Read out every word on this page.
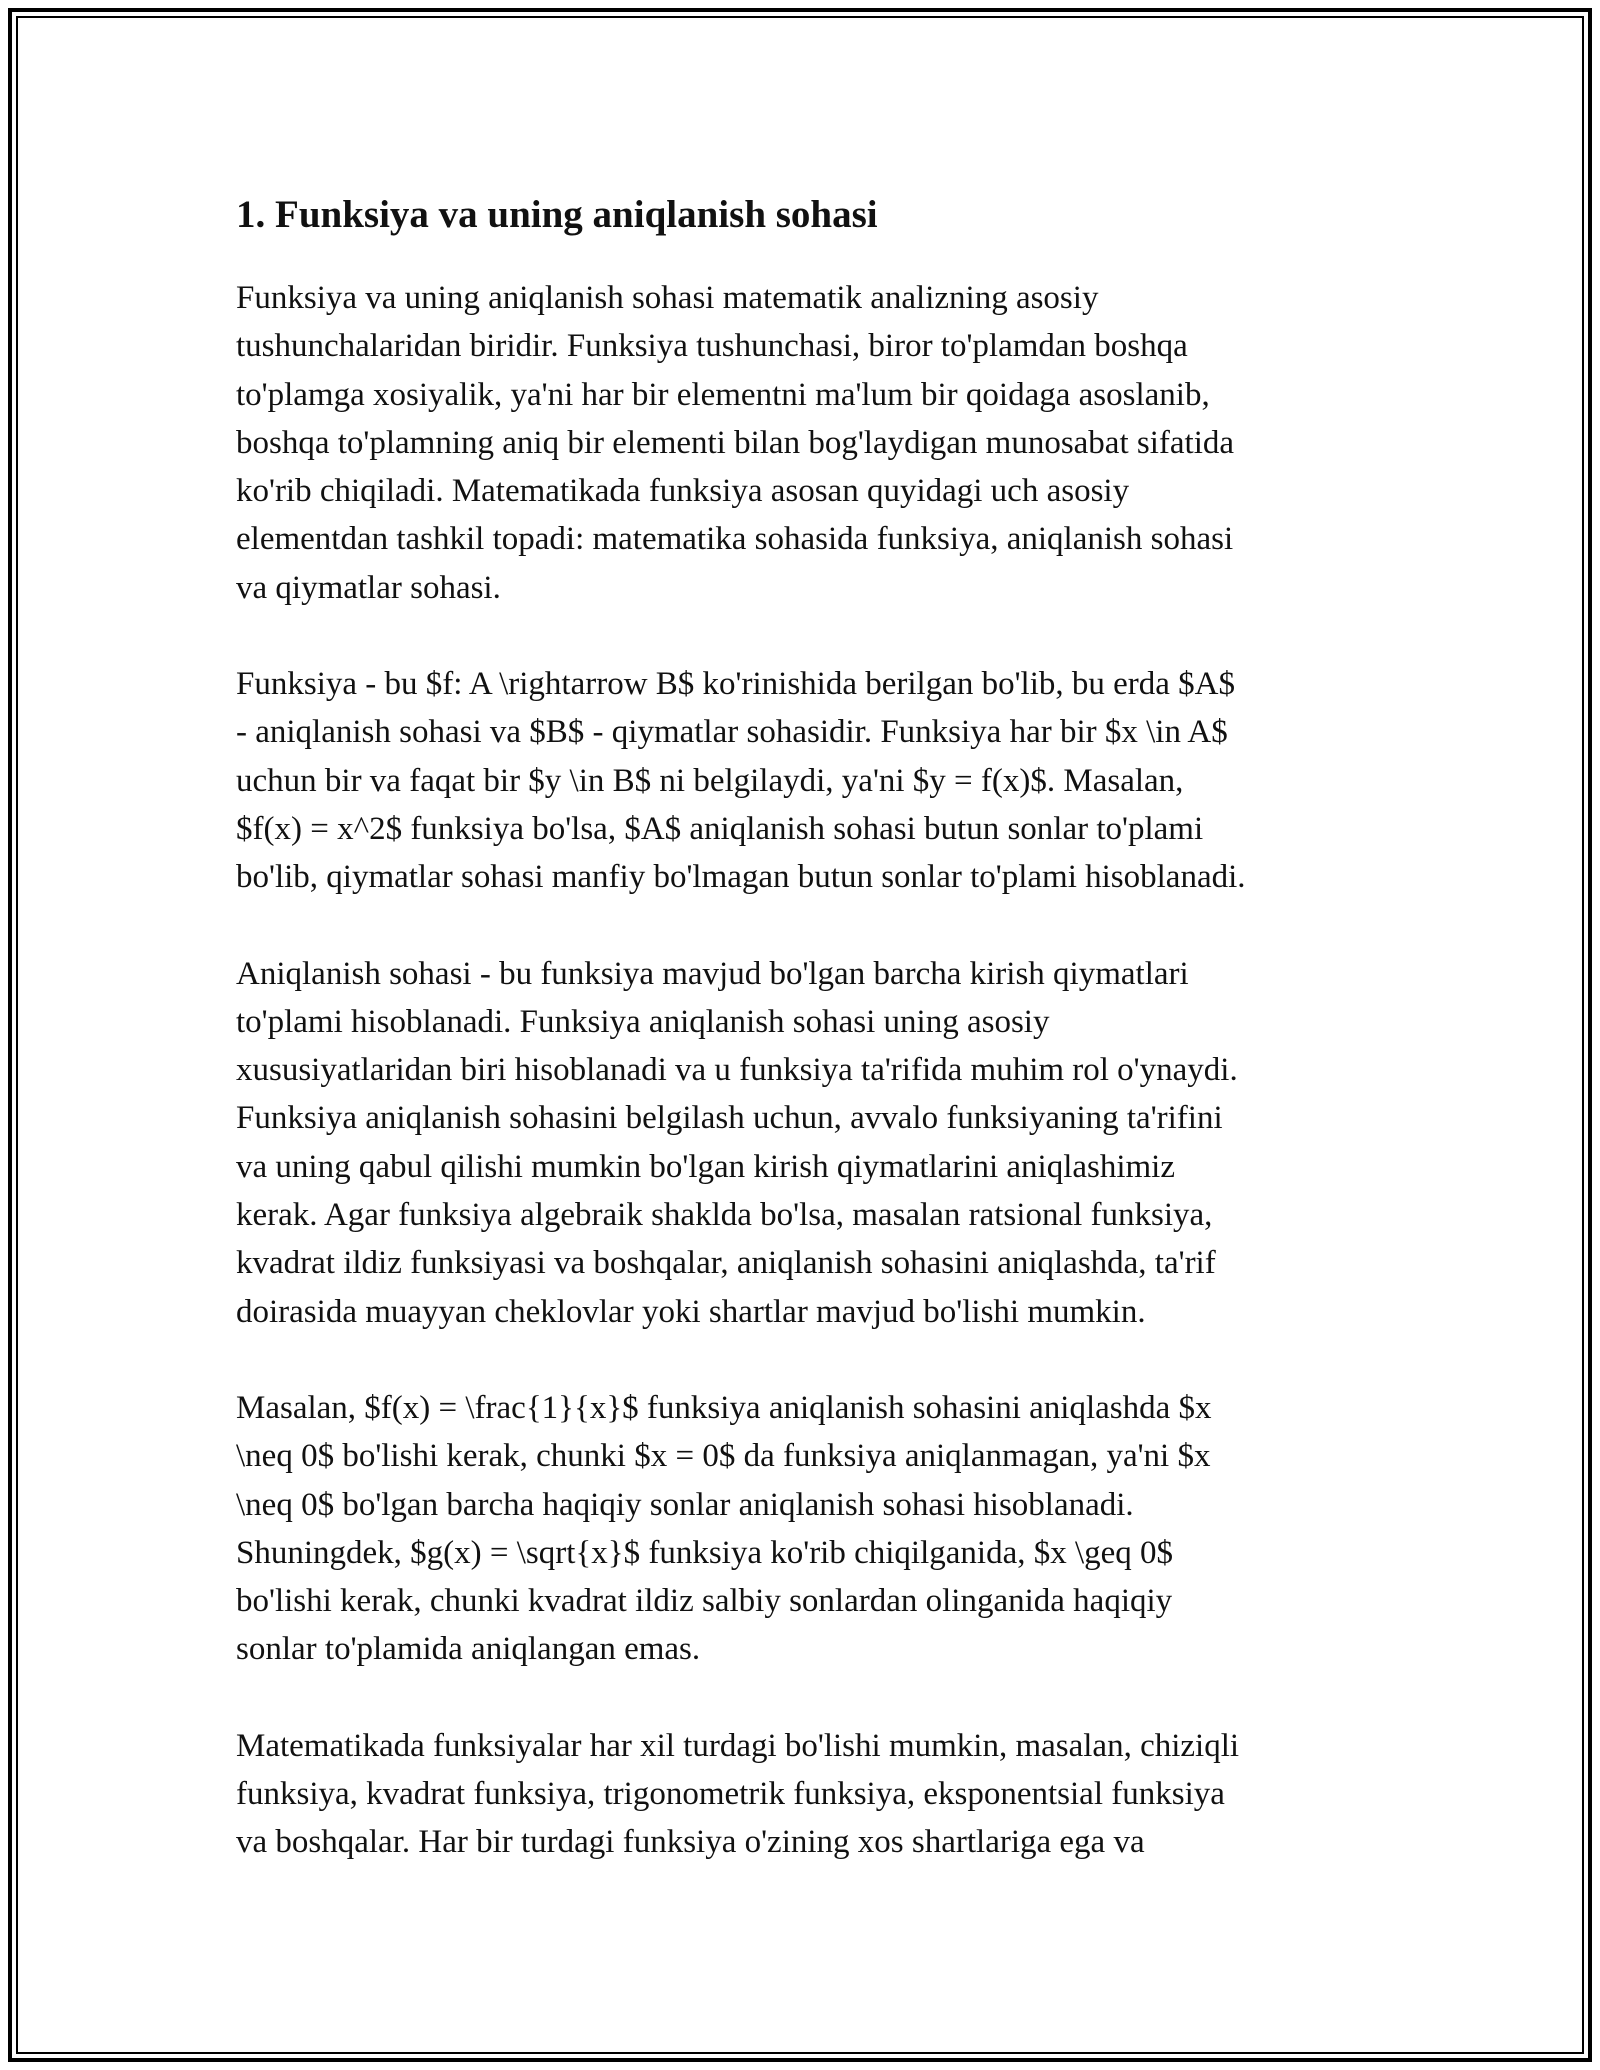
1. Funksiya va uning aniqlanish sohasi

Funksiya va uning aniqlanish sohasi matematik analizning asosiy
tushunchalaridan biridir. Funksiya tushunchasi, biror to'plamdan boshqa
to'plamga xosiyalik, ya'ni har bir elementni ma'lum bir qoidaga asoslanib,
boshqa to'plamning aniq bir elementi bilan bog'laydigan munosabat sifatida
ko'rib chiqiladi. Matematikada funksiya asosan quyidagi uch asosiy
elementdan tashkil topadi: matematika sohasida funksiya, aniqlanish sohasi
va qiymatlar sohasi.

Funksiya - bu $f: A \rightarrow B$ ko'rinishida berilgan bo'lib, bu erda $A$
- aniqlanish sohasi va $B$ - qiymatlar sohasidir. Funksiya har bir $x \in A$
uchun bir va faqat bir $y \in B$ ni belgilaydi, ya'ni $y = f(x)$. Masalan,
$f(x) = x^2$ funksiya bo'lsa, $A$ aniqlanish sohasi butun sonlar to'plami
bo'lib, qiymatlar sohasi manfiy bo'lmagan butun sonlar to'plami hisoblanadi.

Aniqlanish sohasi - bu funksiya mavjud bo'lgan barcha kirish qiymatlari
to'plami hisoblanadi. Funksiya aniqlanish sohasi uning asosiy
xususiyatlaridan biri hisoblanadi va u funksiya ta'rifida muhim rol o'ynaydi.
Funksiya aniqlanish sohasini belgilash uchun, avvalo funksiyaning ta'rifini
va uning qabul qilishi mumkin bo'lgan kirish qiymatlarini aniqlashimiz
kerak. Agar funksiya algebraik shakldа bo'lsa, masalan ratsional funksiya,
kvadrat ildiz funksiyasi va boshqalar, aniqlanish sohasini aniqlashda, ta'rif
doirasida muayyan cheklovlar yoki shartlar mavjud bo'lishi mumkin.

Masalan, $f(x) = \frac{1}{x}$ funksiya aniqlanish sohasini aniqlashda $x
\neq 0$ bo'lishi kerak, chunki $x = 0$ da funksiya aniqlanmagan, ya'ni $x
\neq 0$ bo'lgan barcha haqiqiy sonlar aniqlanish sohasi hisoblanadi.
Shuningdek, $g(x) = \sqrt{x}$ funksiya ko'rib chiqilganida, $x \geq 0$
bo'lishi kerak, chunki kvadrat ildiz salbiy sonlardan olinganida haqiqiy
sonlar to'plamida aniqlangan emas.

Matematikada funksiyalar har xil turdagi bo'lishi mumkin, masalan, chiziqli
funksiya, kvadrat funksiya, trigonometrik funksiya, eksponentsial funksiya
va boshqalar. Har bir turdagi funksiya o'zining xos shartlariga ega va
